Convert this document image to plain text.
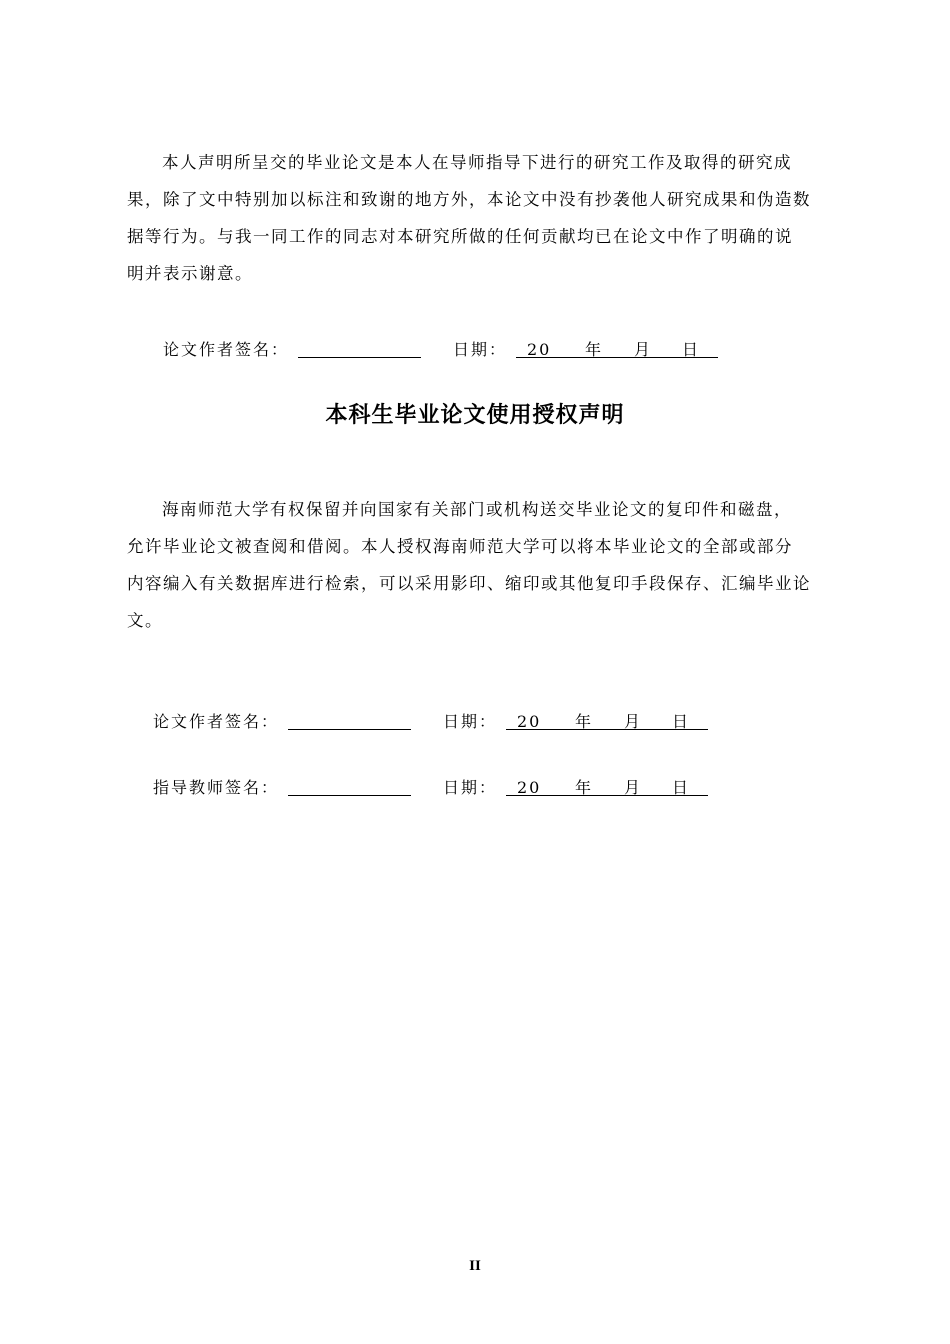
本人声明所呈交的毕业论文是本人在导师指导下进行的研究工作及取得的研究成
果，除了文中特别加以标注和致谢的地方外，本论文中没有抄袭他人研究成果和伪造数
据等行为。与我一同工作的同志对本研究所做的任何贡献均已在论文中作了明确的说
明并表示谢意。

论文作者签名：	日期： 20 年 月 日
本科生毕业论文使用授权声明

海南师范大学有权保留并向国家有关部门或机构送交毕业论文的复印件和磁盘，
允许毕业论文被查阅和借阅。本人授权海南师范大学可以将本毕业论文的全部或部分
内容编入有关数据库进行检索，可以采用影印、缩印或其他复印手段保存、汇编毕业论
文。

论文作者签名：	日期： 20 年 月 日
指导教师签名：	日期： 20 年 月 日
II
